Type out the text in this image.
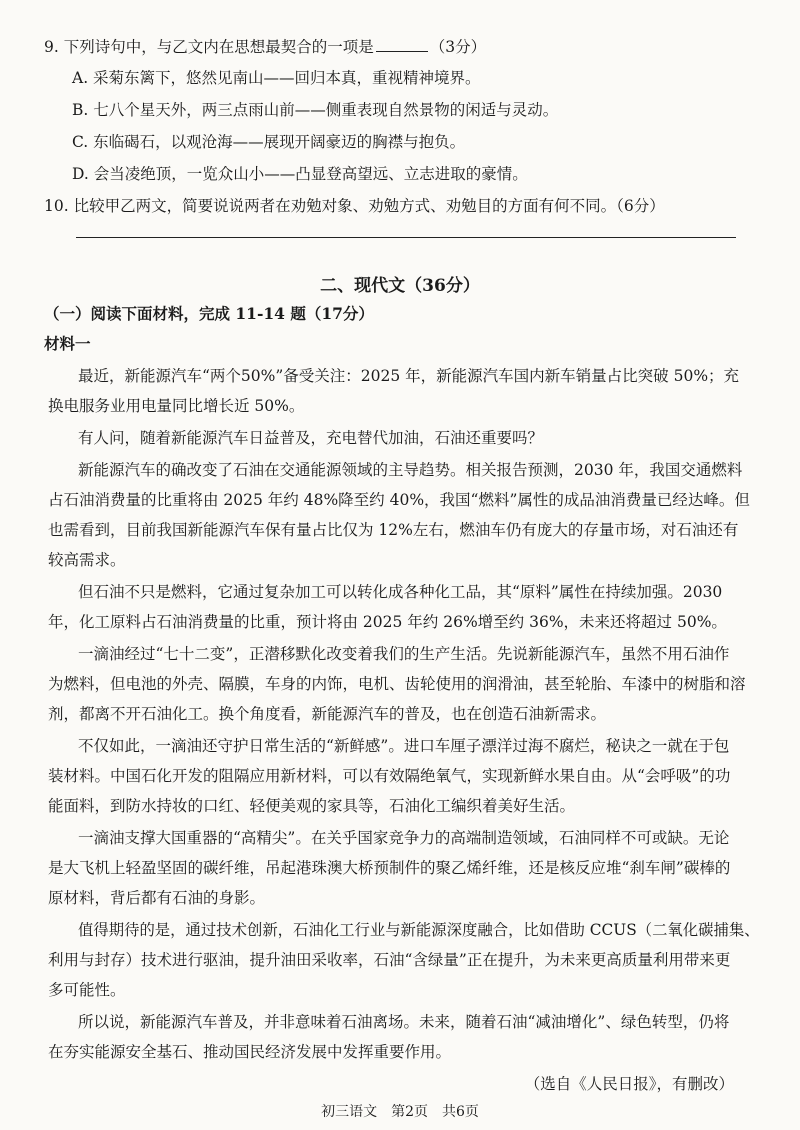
9. 下列诗句中，与乙文内在思想最契合的一项是	（3分）
A. 采菊东篱下，悠然见南山——回归本真，重视精神境界。
B. 七八个星天外，两三点雨山前——侧重表现自然景物的闲适与灵动。
C. 东临碣石，以观沧海——展现开阔豪迈的胸襟与抱负。
D. 会当凌绝顶，一览众山小——凸显登高望远、立志进取的豪情。
10. 比较甲乙两文，简要说说两者在劝勉对象、劝勉方式、劝勉目的方面有何不同。（6分）
二、现代文（36分）
（一）阅读下面材料，完成 11-14 题（17分）
材料一
最近，新能源汽车“两个50%”备受关注：2025 年，新能源汽车国内新车销量占比突破 50%；充
换电服务业用电量同比增长近 50%。
有人问，随着新能源汽车日益普及，充电替代加油，石油还重要吗？
新能源汽车的确改变了石油在交通能源领域的主导趋势。相关报告预测，2030 年，我国交通燃料
占石油消费量的比重将由 2025 年约 48%降至约 40%，我国“燃料”属性的成品油消费量已经达峰。但
也需看到，目前我国新能源汽车保有量占比仅为 12%左右，燃油车仍有庞大的存量市场，对石油还有
较高需求。
但石油不只是燃料，它通过复杂加工可以转化成各种化工品，其“原料”属性在持续加强。2030
年，化工原料占石油消费量的比重，预计将由 2025 年约 26%增至约 36%，未来还将超过 50%。
一滴油经过“七十二变”，正潜移默化改变着我们的生产生活。先说新能源汽车，虽然不用石油作
为燃料，但电池的外壳、隔膜，车身的内饰，电机、齿轮使用的润滑油，甚至轮胎、车漆中的树脂和溶
剂，都离不开石油化工。换个角度看，新能源汽车的普及，也在创造石油新需求。
不仅如此，一滴油还守护日常生活的“新鲜感”。进口车厘子漂洋过海不腐烂，秘诀之一就在于包
装材料。中国石化开发的阻隔应用新材料，可以有效隔绝氧气，实现新鲜水果自由。从“会呼吸”的功
能面料，到防水持妆的口红、轻便美观的家具等，石油化工编织着美好生活。
一滴油支撑大国重器的“高精尖”。在关乎国家竞争力的高端制造领域，石油同样不可或缺。无论
是大飞机上轻盈坚固的碳纤维，吊起港珠澳大桥预制件的聚乙烯纤维，还是核反应堆“刹车闸”碳棒的
原材料，背后都有石油的身影。
值得期待的是，通过技术创新，石油化工行业与新能源深度融合，比如借助 CCUS（二氧化碳捕集、
利用与封存）技术进行驱油，提升油田采收率，石油“含绿量”正在提升，为未来更高质量利用带来更
多可能性。
所以说，新能源汽车普及，并非意味着石油离场。未来，随着石油“减油增化”、绿色转型，仍将
在夯实能源安全基石、推动国民经济发展中发挥重要作用。
（选自《人民日报》，有删改）
初三语文　第2页　共6页
